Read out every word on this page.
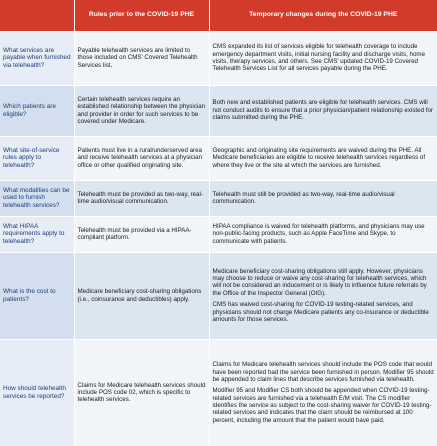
	Rules prior to the COVID-19 PHE	Temporary changes during the COVID-19 PHE
What services are payable when furnished via telehealth?	Payable telehealth services are limited to those included on CMS' Covered Telehealth Services list.	CMS expanded its list of services eligible for telehealth coverage to include emergency department visits, initial nursing facility and discharge visits, home visits, therapy services, and others. See CMS' updated COVID-19 Covered Telehealth Services List for all services payable during the PHE.

Which patients are eligible?	Certain telehealth services require an established relationship between the physician and provider in order for such services to be covered under Medicare.	Both new and established patients are eligible for telehealth services. CMS will not conduct audits to ensure that a prior physician/patient relationship existed for claims submitted during the PHE.

What site-of-service rules apply to telehealth?	Patients must live in a rural/underserved area and receive telehealth services at a physician office or other qualified originating site.	Geographic and originating site requirements are waived during the PHE. All Medicare beneficiaries are eligible to receive telehealth services regardless of where they live or the site at which the services are furnished.

What modalities can be used to furnish telehealth services?	Telehealth must be provided as two-way, real-time audio/visual communication.	Telehealth must still be provided as two-way, real-time audio/visual communication.

What HIPAA requirements apply to telehealth?	Telehealth must be provided via a HIPAA-compliant platform.	HIPAA compliance is waived for telehealth platforms, and physicians may use non-public-facing products, such as Apple FaceTime and Skype, to communicate with patients.

What is the cost to patients?	Medicare beneficiary cost-sharing obligations (i.e., coinsurance and deductibles) apply.	Medicare beneficiary cost-sharing obligations still apply. However, physicians may choose to reduce or waive any cost-sharing for telehealth services, which will not be considered an inducement or is likely to influence future referrals by the Office of the Inspector General (OIG).
CMS has waived cost-sharing for COVID-19 testing-related services, and physicians should not charge Medicare patients any co-insurance or deductible amounts for those services.

How should telehealth services be reported?	Claims for Medicare telehealth services should include POS code 02, which is specific to telehealth services.	Claims for Medicare telehealth services should include the POS code that would have been reported had the service been furnished in person. Modifier 95 should be appended to claim lines that describe services furnished via telehealth.
Modifier 95 and Modifier CS both should be appended when COVID-19 testing-related services are furnished via a telehealth E/M visit. The CS modifier identifies the service as subject to the cost-sharing waiver for COVID-19 testing-related services and indicates that the claim should be reimbursed at 100 percent, including the amount that the patient would have paid.
